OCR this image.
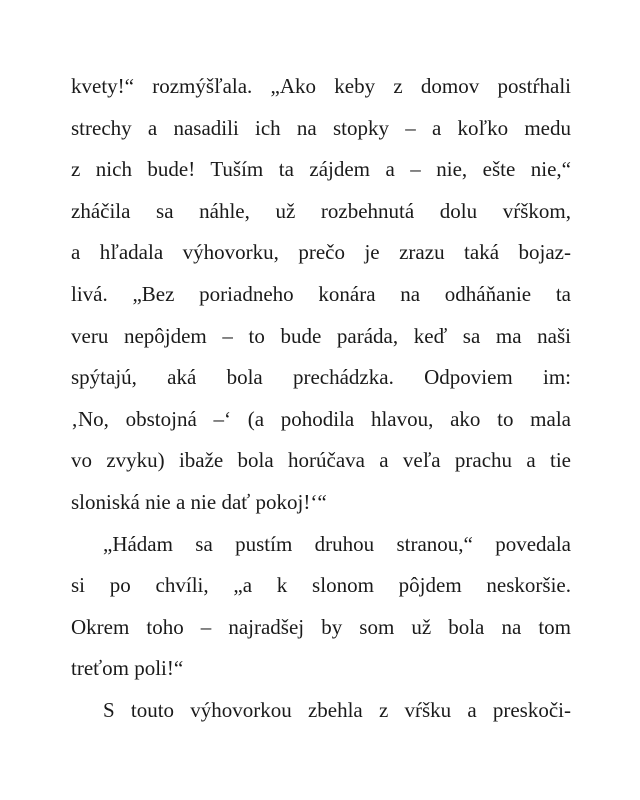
kvety!“ rozmýšľala. „Ako keby z domov postŕhali
strechy a nasadili ich na stopky – a koľko medu
z nich bude! Tuším ta zájdem a – nie, ešte nie,“
zháčila sa náhle, už rozbehnutá dolu vŕškom,
a hľadala výhovorku, prečo je zrazu taká bojaz-
livá. „Bez poriadneho konára na odháňanie ta
veru nepôjdem – to bude paráda, keď sa ma naši
spýtajú, aká bola prechádzka. Odpoviem im:
‚No, obstojná –‘ (a pohodila hlavou, ako to mala
vo zvyku) ibaže bola horúčava a veľa prachu a tie
sloniská nie a nie dať pokoj!‘“
„Hádam sa pustím druhou stranou,“ povedala
si po chvíli, „a k slonom pôjdem neskoršie.
Okrem toho – najradšej by som už bola na tom
treťom poli!“
S touto výhovorkou zbehla z vŕšku a preskoči-
